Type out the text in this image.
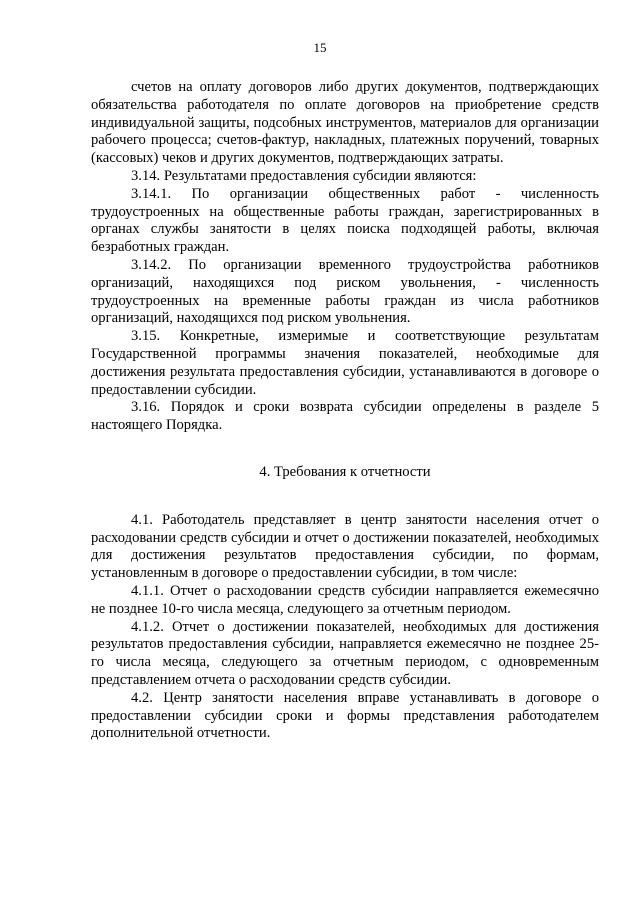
15

счетов на оплату договоров либо других документов, подтверждающих обязательства работодателя по оплате договоров на приобретение средств индивидуальной защиты, подсобных инструментов, материалов для организации рабочего процесса; счетов-фактур, накладных, платежных поручений, товарных (кассовых) чеков и других документов, подтверждающих затраты.

3.14. Результатами предоставления субсидии являются:

3.14.1. По организации общественных работ - численность трудоустроенных на общественные работы граждан, зарегистрированных в органах службы занятости в целях поиска подходящей работы, включая безработных граждан.

3.14.2. По организации временного трудоустройства работников организаций, находящихся под риском увольнения, - численность трудоустроенных на временные работы граждан из числа работников организаций, находящихся под риском увольнения.

3.15. Конкретные, измеримые и соответствующие результатам Государственной программы значения показателей, необходимые для достижения результата предоставления субсидии, устанавливаются в договоре о предоставлении субсидии.

3.16. Порядок и сроки возврата субсидии определены в разделе 5 настоящего Порядка.

4. Требования к отчетности

4.1. Работодатель представляет в центр занятости населения отчет о расходовании средств субсидии и отчет о достижении показателей, необходимых для достижения результатов предоставления субсидии, по формам, установленным в договоре о предоставлении субсидии, в том числе:

4.1.1. Отчет о расходовании средств субсидии направляется ежемесячно не позднее 10-го числа месяца, следующего за отчетным периодом.

4.1.2. Отчет о достижении показателей, необходимых для достижения результатов предоставления субсидии, направляется ежемесячно не позднее 25-го числа месяца, следующего за отчетным периодом, с одновременным представлением отчета о расходовании средств субсидии.

4.2. Центр занятости населения вправе устанавливать в договоре о предоставлении субсидии сроки и формы представления работодателем дополнительной отчетности.
